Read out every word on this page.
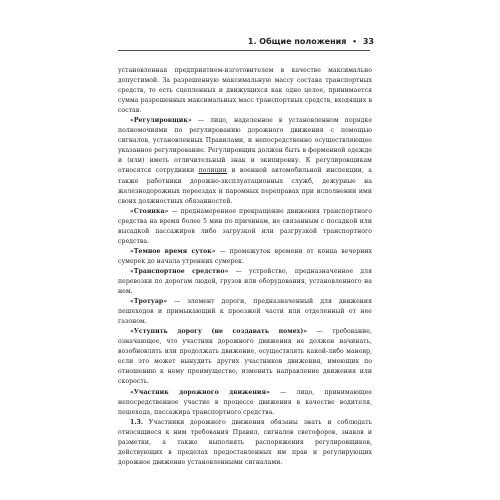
1. Общие положения • 33

установленная предприятием-изготовителем в качестве максимально допустимой. За разрешенную максимальную массу состава транспортных средств, то есть сцепленных и движущихся как одно целое, принимается сумма разрешенных максимальных масс транспортных средств, входящих в состав.

«Регулировщик» — лицо, наделенное в установленном порядке полномочиями по регулированию дорожного движения с помощью сигналов, установленных Правилами, и непосредственно осуществляющее указанное регулирование. Регулировщик должен быть в форменной одежде и (или) иметь отличительный знак и экипировку. К регулировщикам относятся сотрудники полиции и военной автомобильной инспекции, а также работники дорожно-эксплуатационных служб, дежурные на железнодорожных переездах и паромных переправах при исполнении ими своих должностных обязанностей.

«Стоянка» — преднамеренное прекращение движения транспортного средства на время более 5 мин по причинам, не связанным с посадкой или высадкой пассажиров либо загрузкой или разгрузкой транспортного средства.

«Темное время суток» — промежуток времени от конца вечерних сумерек до начала утренних сумерек.

«Транспортное средство» — устройство, предназначенное для перевозки по дорогам людей, грузов или оборудования, установленного на нем.

«Тротуар» — элемент дороги, предназначенный для движения пешеходов и примыкающий к проезжей части или отделенный от нее газоном.

«Уступить дорогу (не создавать помех)» — требование, означающее, что участник дорожного движения не должен начинать, возобновлять или продолжать движение, осуществлять какой-либо маневр, если это может вынудить других участников движения, имеющих по отношению к нему преимущество, изменить направление движения или скорость.

«Участник дорожного движения» — лицо, принимающее непосредственное участие в процессе движения в качестве водителя, пешехода, пассажира транспортного средства.

1.3. Участники дорожного движения обязаны знать и соблюдать относящиеся к ним требования Правил, сигналов светофоров, знаков и разметки, а также выполнять распоряжения регулировщиков, действующих в пределах предоставленных им прав и регулирующих дорожное движение установленными сигналами.
